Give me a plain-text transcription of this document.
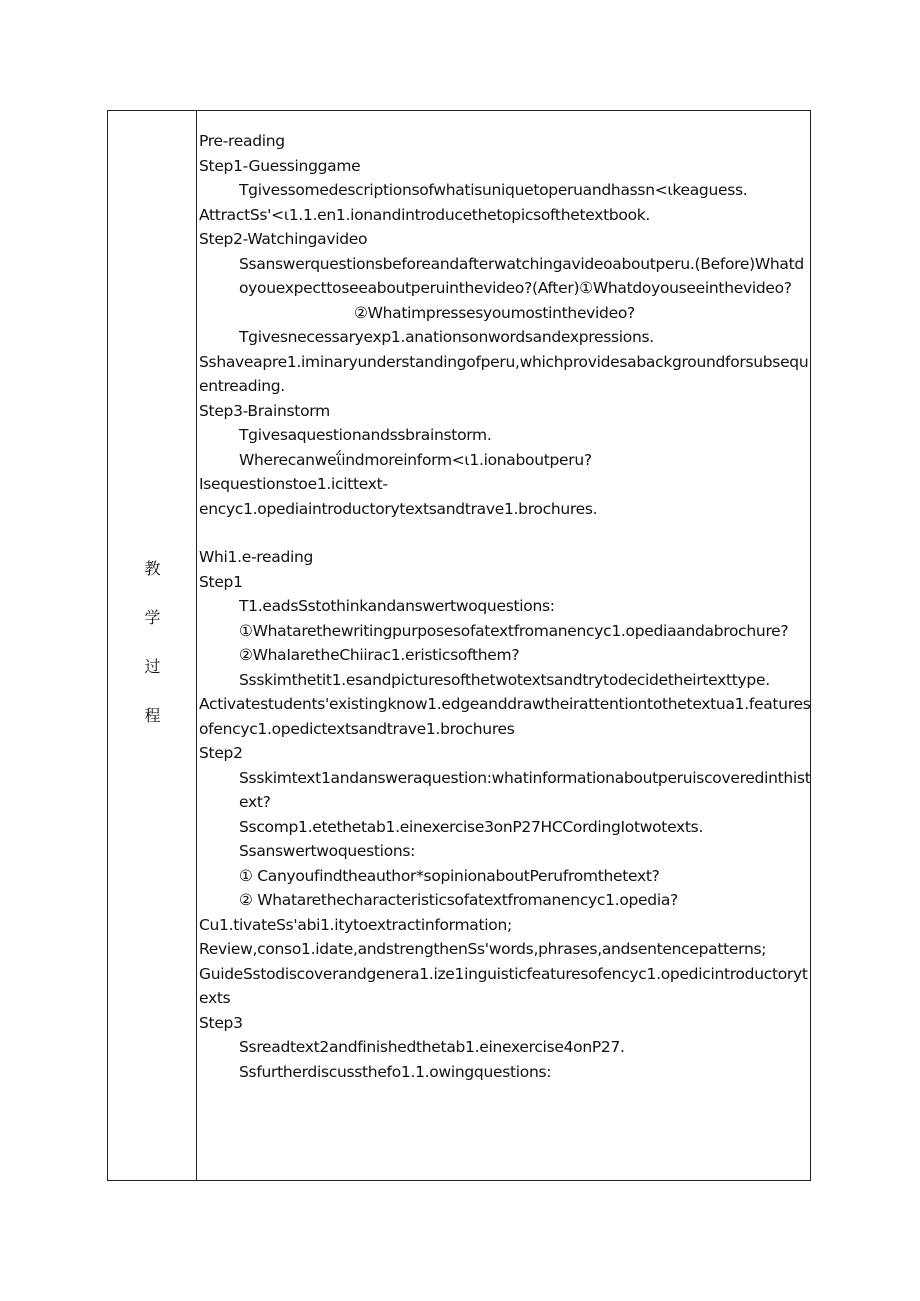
教
学
过
程

Pre-reading

Step1-Guessinggame

Tgivessomedescriptionsofwhatisuniquetoperuandhassn<ιkeaguess.

AttractSs'<ι1.1.en1.ionandintroducethetopicsofthetextbook.

Step2-Watchingavideo

Ssanswerquestionsbeforeandafterwatchingavideoaboutperu.(Before)Whatdoyouexpecttoseeaboutperuinthevideo?(After)①Whatdoyouseeinthevideo?

②Whatimpressesyoumostinthevideo?

Tgivesnecessaryexp1.anationsonwordsandexpressions.

Sshaveapre1.iminaryunderstandingofperu,whichprovidesabackgroundforsubsequentreading.

Step3-Brainstorm

Tgivesaquestionandssbrainstorm.

Wherecanweΐindmoreinform<ι1.ionaboutperu?

Isequestionstoe1.icittext-

encyc1.opediaintroductorytextsandtrave1.brochures.

Whi1.e-reading

Step1

T1.eadsSstothinkandanswertwoquestions:

①Whatarethewritingpurposesofatextfromanencyc1.opediaandabrochure?

②WhaIaretheChiirac1.eristicsofthem?

Ssskimthetit1.esandpicturesofthetwotextsandtrytodecidetheirtexttype.

Activatestudents'existingknow1.edgeanddrawtheirattentiontothetextua1.featuresofencyc1.opedictextsandtrave1.brochures

Step2

Ssskimtext1andansweraquestion:whatinformationaboutperuiscoveredinthistext?

Sscomp1.etethetab1.einexercise3onP27HCCordingIotwotexts.

Ssanswertwoquestions:

① Canyoufindtheauthor*sopinionaboutPerufromthetext?

② Whatarethecharacteristicsofatextfromanencyc1.opedia?

Cu1.tivateSs'abi1.itytoextractinformation;

Review,conso1.idate,andstrengthenSs'words,phrases,andsentencepatterns;

GuideSstodiscoverandgenera1.ize1inguisticfeaturesofencyc1.opedicintroductorytexts

Step3

Ssreadtext2andfinishedthetab1.einexercise4onP27.

Ssfurtherdiscussthefo1.1.owingquestions:
